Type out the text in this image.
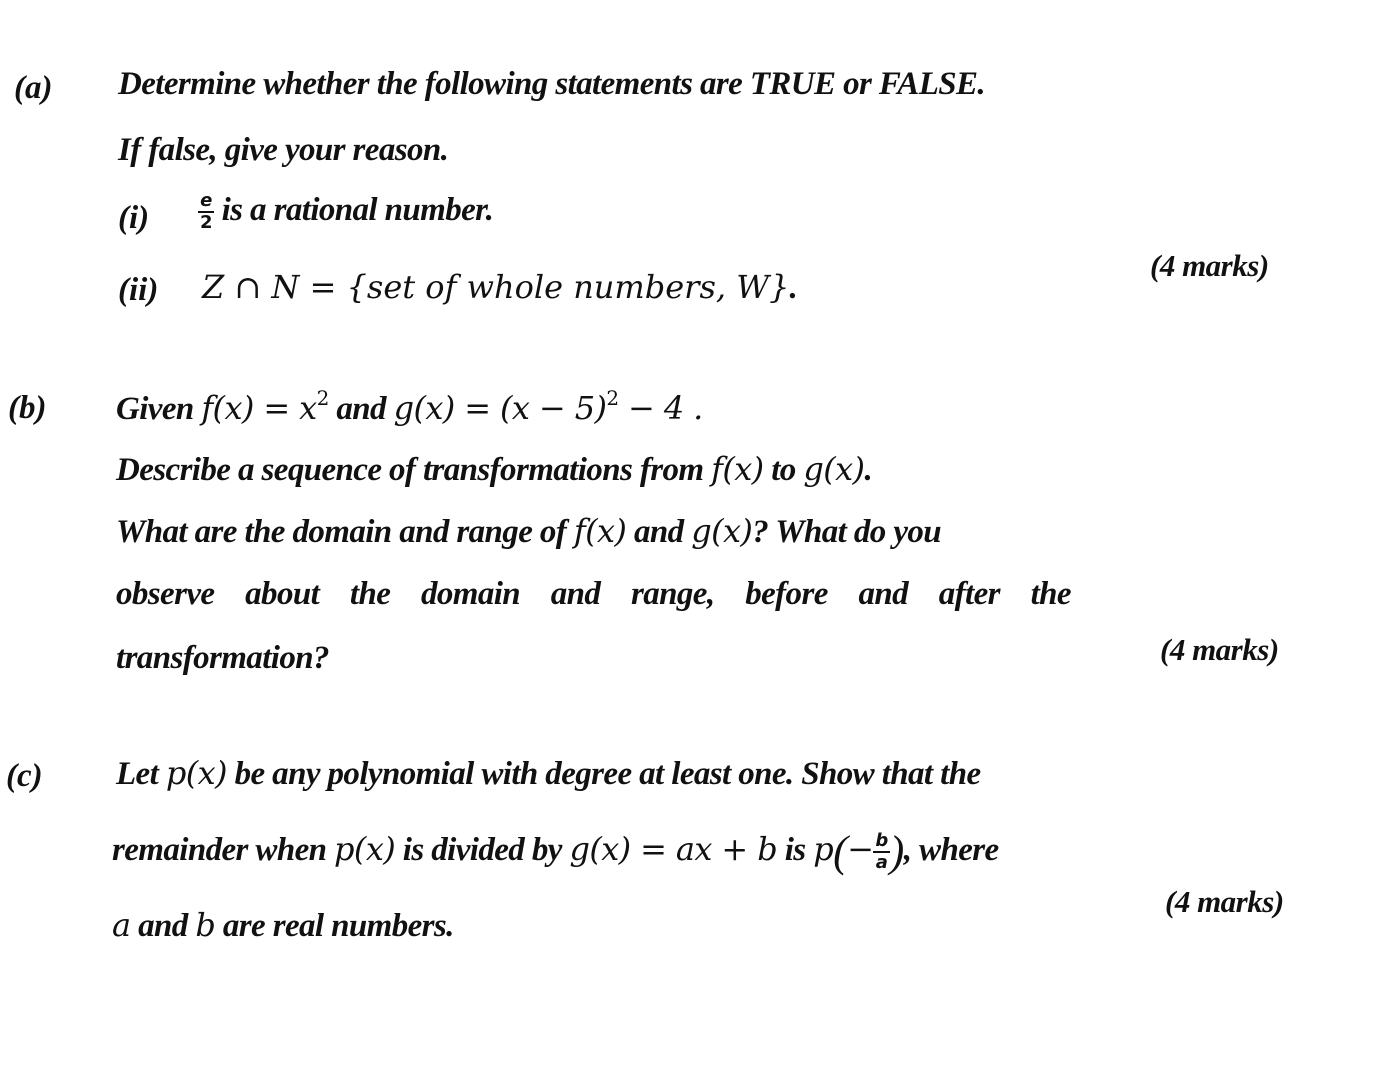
(a) Determine whether the following statements are TRUE or FALSE.
If false, give your reason.
(i)	$\frac{e}{2}$ is a rational number.
(ii) Z ∩ N = {set of whole numbers, W}.
(4 marks)
(b) Given $f(x) = x^2$ and $g(x) = (x - 5)^2 - 4$ .
Describe a sequence of transformations from f(x) to g(x).
What are the domain and range of f(x) and g(x)? What do you
observe about the domain and range, before and after the
transformation?	(4 marks)
(c) Let p(x) be any polynomial with degree at least one. Show that the
remainder when p(x) is divided by g(x) = ax + b is $p(- \frac{b}{a}$ ), where
a and b are real numbers.
(4 marks)
